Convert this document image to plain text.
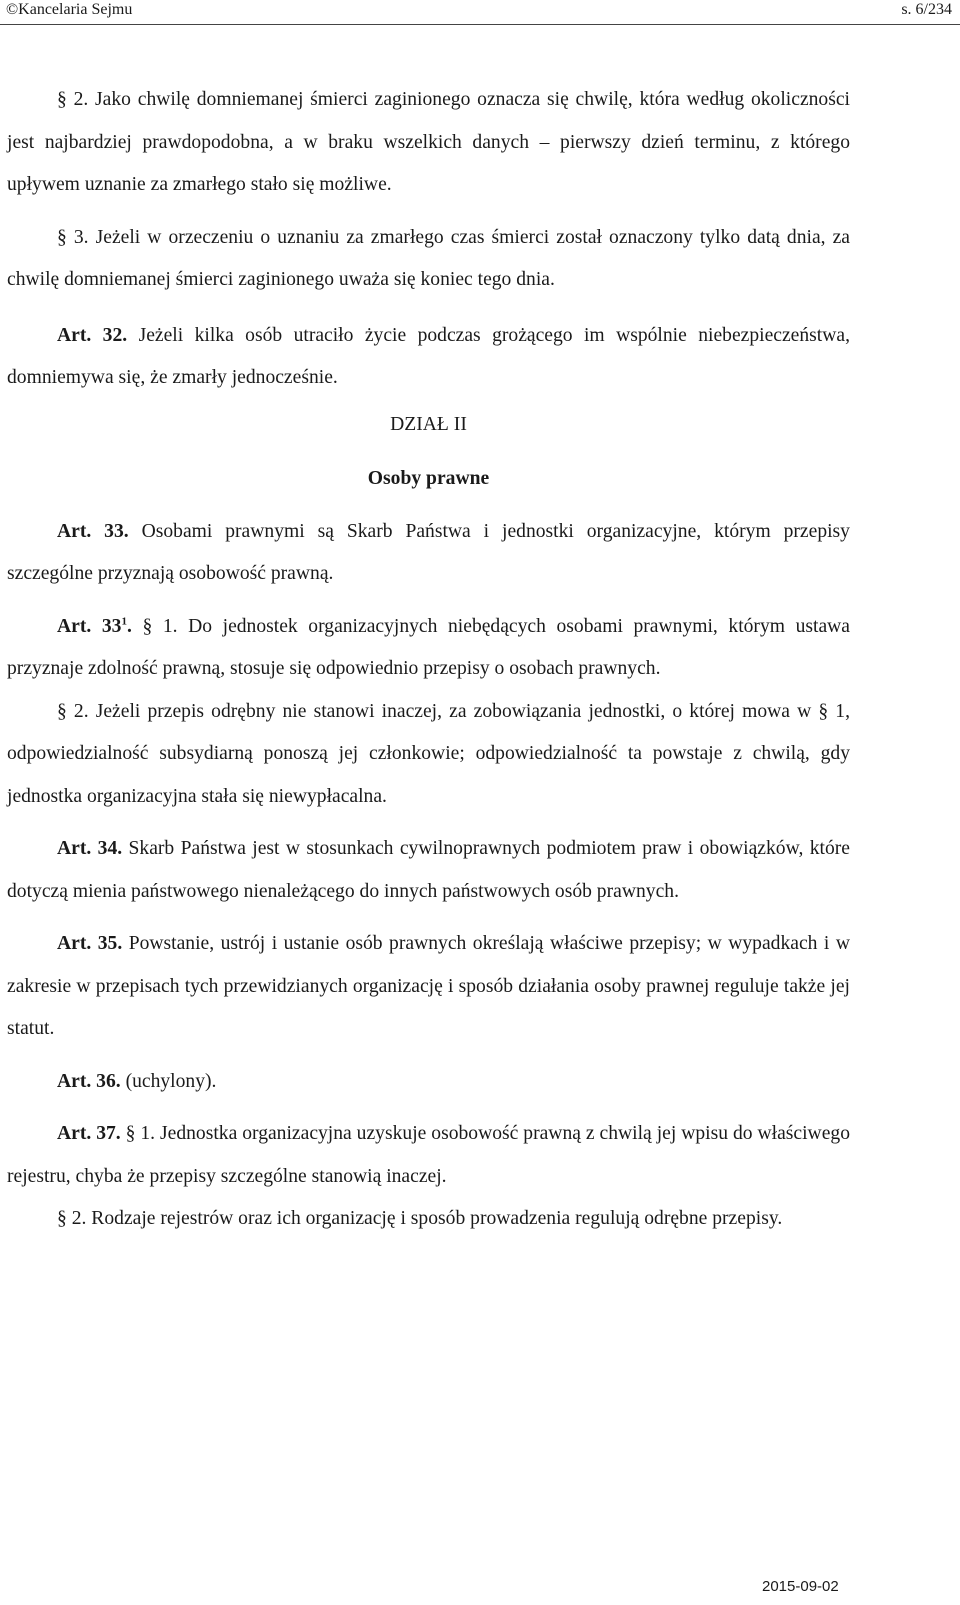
©Kancelaria Sejmu	s. 6/234

§ 2. Jako chwilę domniemanej śmierci zaginionego oznacza się chwilę, która według okoliczności jest najbardziej prawdopodobna, a w braku wszelkich danych – pierwszy dzień terminu, z którego upływem uznanie za zmarłego stało się możliwe.

§ 3. Jeżeli w orzeczeniu o uznaniu za zmarłego czas śmierci został oznaczony tylko datą dnia, za chwilę domniemanej śmierci zaginionego uważa się koniec tego dnia.

Art. 32. Jeżeli kilka osób utraciło życie podczas grożącego im wspólnie niebezpieczeństwa, domniemywa się, że zmarły jednocześnie.

DZIAŁ II

Osoby prawne

Art. 33. Osobami prawnymi są Skarb Państwa i jednostki organizacyjne, którym przepisy szczególne przyznają osobowość prawną.

Art. $33^1$. § 1. Do jednostek organizacyjnych niebędących osobami prawnymi, którym ustawa przyznaje zdolność prawną, stosuje się odpowiednio przepisy o osobach prawnych.

§ 2. Jeżeli przepis odrębny nie stanowi inaczej, za zobowiązania jednostki, o której mowa w § 1, odpowiedzialność subsydiarną ponoszą jej członkowie; odpowiedzialność ta powstaje z chwilą, gdy jednostka organizacyjna stała się niewypłacalna.

Art. 34. Skarb Państwa jest w stosunkach cywilnoprawnych podmiotem praw i obowiązków, które dotyczą mienia państwowego nienależącego do innych państwowych osób prawnych.

Art. 35. Powstanie, ustrój i ustanie osób prawnych określają właściwe przepisy; w wypadkach i w zakresie w przepisach tych przewidzianych organizację i sposób działania osoby prawnej reguluje także jej statut.

Art. 36. (uchylony).

Art. 37. § 1. Jednostka organizacyjna uzyskuje osobowość prawną z chwilą jej wpisu do właściwego rejestru, chyba że przepisy szczególne stanowią inaczej.

§ 2. Rodzaje rejestrów oraz ich organizację i sposób prowadzenia regulują odrębne przepisy.

2015-09-02
